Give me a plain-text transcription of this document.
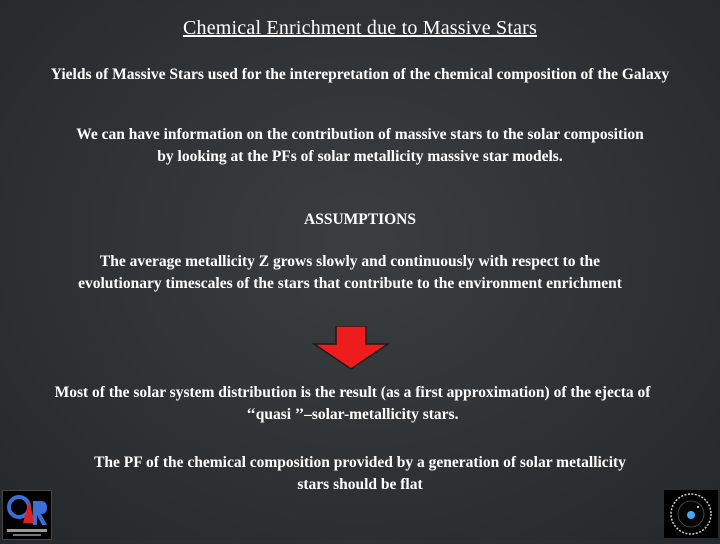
Chemical Enrichment due to Massive Stars
Yields of Massive Stars used for the interepretation of the chemical composition of the Galaxy
We can have information on the contribution of massive stars to the solar composition by looking at the PFs of solar metallicity massive star models.
ASSUMPTIONS
The average metallicity Z grows slowly and continuously with respect to the evolutionary timescales of the stars that contribute to the environment enrichment
Most of the solar system distribution is the result (as a first approximation) of the ejecta of ‘‘quasi ’’–solar-metallicity stars.
The PF of the chemical composition provided by a generation of solar metallicity stars should be flat
